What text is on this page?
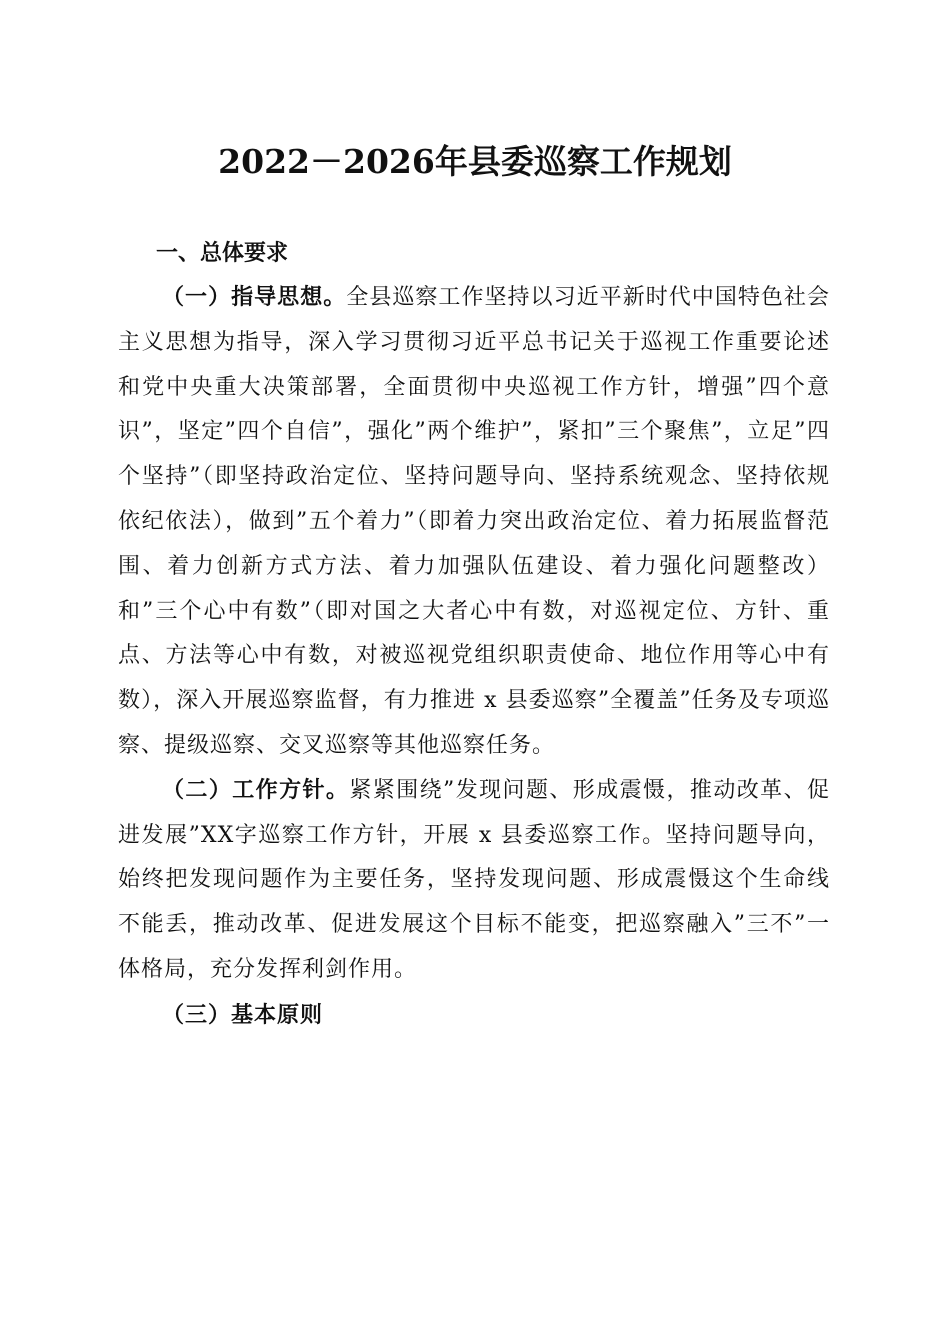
2022－2026年县委巡察工作规划

一、总体要求

（一）指导思想。全县巡察工作坚持以习近平新时代中国特色社会主义思想为指导，深入学习贯彻习近平总书记关于巡视工作重要论述和党中央重大决策部署，全面贯彻中央巡视工作方针，增强”四个意识”，坚定”四个自信”，强化”两个维护”，紧扣”三个聚焦”，立足”四个坚持”（即坚持政治定位、坚持问题导向、坚持系统观念、坚持依规依纪依法），做到”五个着力”（即着力突出政治定位、着力拓展监督范围、着力创新方式方法、着力加强队伍建设、着力强化问题整改）和”三个心中有数”（即对国之大者心中有数，对巡视定位、方针、重点、方法等心中有数，对被巡视党组织职责使命、地位作用等心中有数），深入开展巡察监督，有力推进 x 县委巡察”全覆盖”任务及专项巡察、提级巡察、交叉巡察等其他巡察任务。

（二）工作方针。紧紧围绕”发现问题、形成震慑，推动改革、促进发展”XX字巡察工作方针，开展 x 县委巡察工作。坚持问题导向，始终把发现问题作为主要任务，坚持发现问题、形成震慑这个生命线不能丢，推动改革、促进发展这个目标不能变，把巡察融入”三不”一体格局，充分发挥利剑作用。

（三）基本原则
